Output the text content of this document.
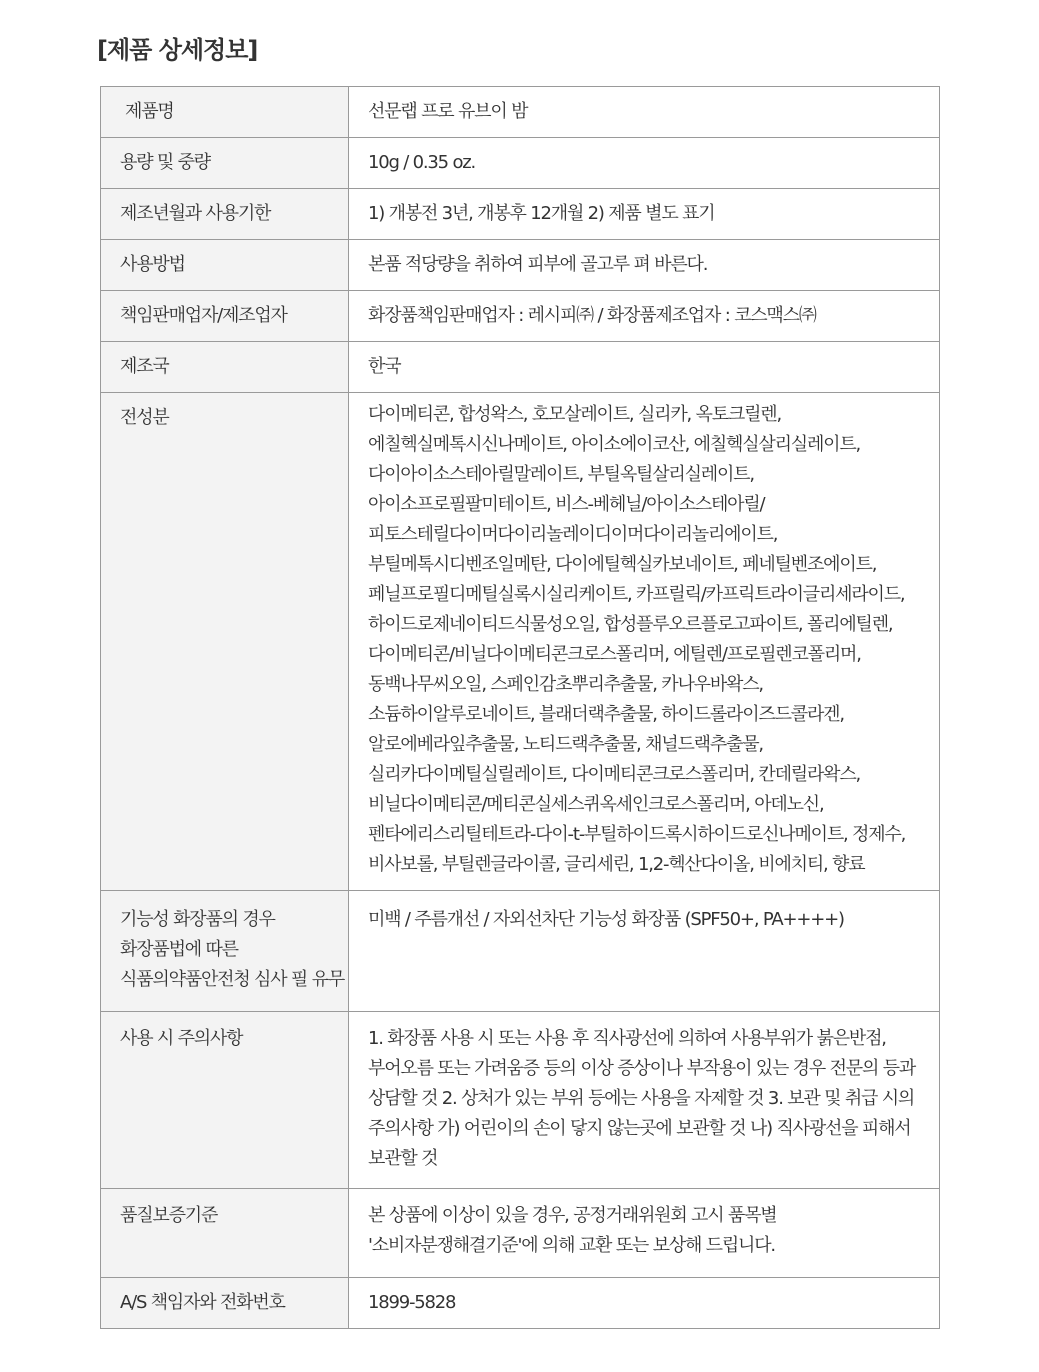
[제품 상세정보]
제품명	선문랩 프로 유브이 밤
용량 및 중량	10g / 0.35 oz.
제조년월과 사용기한	1) 개봉전 3년, 개봉후 12개월 2) 제품 별도 표기
사용방법	본품 적당량을 취하여 피부에 골고루 펴 바른다.
책임판매업자/제조업자	화장품책임판매업자 : 레시피㈜ / 화장품제조업자 : 코스맥스㈜
제조국	한국
전성분	다이메티콘, 합성왁스, 호모살레이트, 실리카, 옥토크릴렌, 에칠헥실메톡시신나메이트, 아이소에이코산, 에칠헥실살리실레이트, 다이아이소스테아릴말레이트, 부틸옥틸살리실레이트, 아이소프로필팔미테이트, 비스-베헤닐/아이소스테아릴/피토스테릴다이머다이리놀레이디이머다이리놀리에이트, 부틸메톡시디벤조일메탄, 다이에틸헥실카보네이트, 페네틸벤조에이트, 페닐프로필디메틸실록시실리케이트, 카프릴릭/카프릭트라이글리세라이드, 하이드로제네이티드식물성오일, 합성플루오르플로고파이트, 폴리에틸렌, 다이메티콘/비닐다이메티콘크로스폴리머, 에틸렌/프로필렌코폴리머, 동백나무씨오일, 스페인감초뿌리추출물, 카나우바왁스, 소듐하이알루로네이트, 블래더랙추출물, 하이드롤라이즈드콜라겐, 알로에베라잎추출물, 노티드랙추출물, 채널드랙추출물, 실리카다이메틸실릴레이트, 다이메티콘크로스폴리머, 칸데릴라왁스, 비닐다이메티콘/메티콘실세스퀴옥세인크로스폴리머, 아데노신, 펜타에리스리틸테트라-다이-t-부틸하이드록시하이드로신나메이트, 정제수, 비사보롤, 부틸렌글라이콜, 글리세린, 1,2-헥산다이올, 비에치티, 향료
기능성 화장품의 경우 화장품법에 따른 식품의약품안전청 심사 필 유무	미백 / 주름개선 / 자외선차단 기능성 화장품 (SPF50+, PA++++)
사용 시 주의사항	1. 화장품 사용 시 또는 사용 후 직사광선에 의하여 사용부위가 붉은반점, 부어오름 또는 가려움증 등의 이상 증상이나 부작용이 있는 경우 전문의 등과 상담할 것 2. 상처가 있는 부위 등에는 사용을 자제할 것 3. 보관 및 취급 시의 주의사항 가) 어린이의 손이 닿지 않는곳에 보관할 것 나) 직사광선을 피해서 보관할 것
품질보증기준	본 상품에 이상이 있을 경우, 공정거래위원회 고시 품목별 '소비자분쟁해결기준'에 의해 교환 또는 보상해 드립니다.
A/S 책임자와 전화번호	1899-5828
